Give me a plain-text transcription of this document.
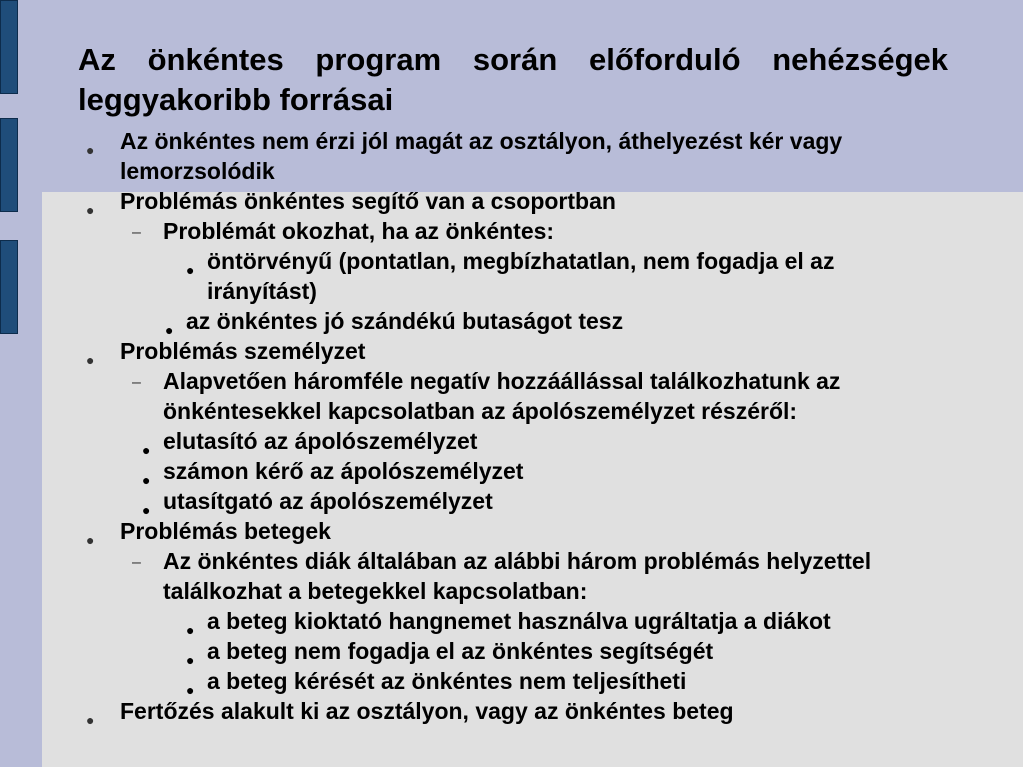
Az önkéntes program során előforduló nehézségek leggyakoribb forrásai
● Az önkéntes nem érzi jól magát az osztályon, áthelyezést kér vagy lemorzsolódik
● Problémás önkéntes segítő van a csoportban
– Problémát okozhat, ha az önkéntes:
● öntörvényű (pontatlan, megbízhatatlan, nem fogadja el az irányítást)
● az önkéntes jó szándékú butaságot tesz
● Problémás személyzet
– Alapvetően háromféle negatív hozzáállással találkozhatunk az önkéntesekkel kapcsolatban az ápolószemélyzet részéről:
● elutasító az ápolószemélyzet
● számon kérő az ápolószemélyzet
● utasítgató az ápolószemélyzet
● Problémás betegek
– Az önkéntes diák általában az alábbi három problémás helyzettel találkozhat a betegekkel kapcsolatban:
● a beteg kioktató hangnemet használva ugráltatja a diákot
● a beteg nem fogadja el az önkéntes segítségét
● a beteg kérését az önkéntes nem teljesítheti
● Fertőzés alakult ki az osztályon, vagy az önkéntes beteg
